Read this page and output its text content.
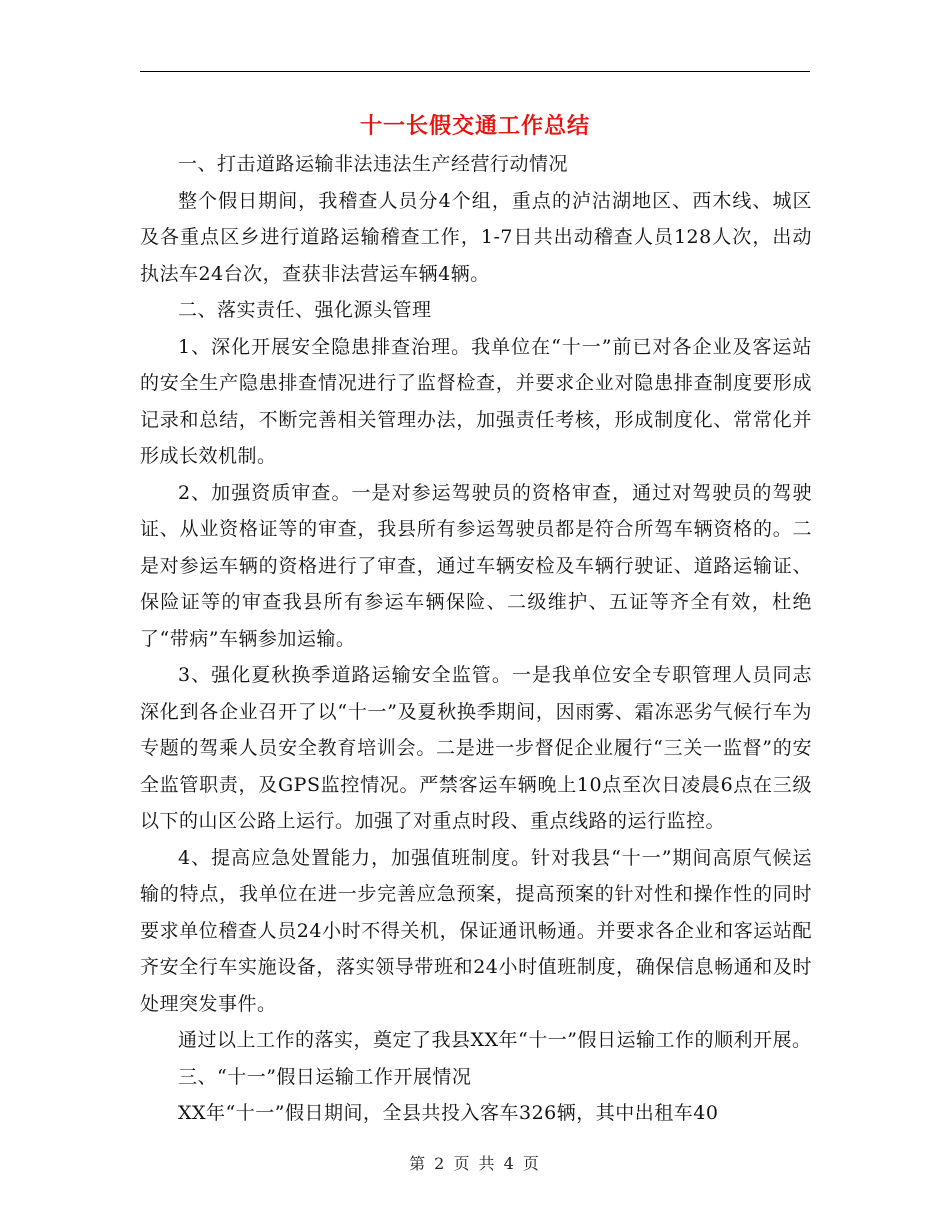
十一长假交通工作总结

一、打击道路运输非法违法生产经营行动情况

整个假日期间，我稽查人员分4个组，重点的泸沽湖地区、西木线、城区及各重点区乡进行道路运输稽查工作，1-7日共出动稽查人员128人次，出动执法车24台次，查获非法营运车辆4辆。

二、落实责任、强化源头管理

1、深化开展安全隐患排查治理。我单位在“十一”前已对各企业及客运站的安全生产隐患排查情况进行了监督检查，并要求企业对隐患排查制度要形成记录和总结，不断完善相关管理办法，加强责任考核，形成制度化、常常化并形成长效机制。

2、加强资质审查。一是对参运驾驶员的资格审查，通过对驾驶员的驾驶证、从业资格证等的审查，我县所有参运驾驶员都是符合所驾车辆资格的。二是对参运车辆的资格进行了审查，通过车辆安检及车辆行驶证、道路运输证、保险证等的审查我县所有参运车辆保险、二级维护、五证等齐全有效，杜绝了“带病”车辆参加运输。

3、强化夏秋换季道路运输安全监管。一是我单位安全专职管理人员同志深化到各企业召开了以“十一”及夏秋换季期间，因雨雾、霜冻恶劣气候行车为专题的驾乘人员安全教育培训会。二是进一步督促企业履行“三关一监督”的安全监管职责，及GPS监控情况。严禁客运车辆晚上10点至次日凌晨6点在三级以下的山区公路上运行。加强了对重点时段、重点线路的运行监控。

4、提高应急处置能力，加强值班制度。针对我县“十一”期间高原气候运输的特点，我单位在进一步完善应急预案，提高预案的针对性和操作性的同时要求单位稽查人员24小时不得关机，保证通讯畅通。并要求各企业和客运站配齐安全行车实施设备，落实领导带班和24小时值班制度，确保信息畅通和及时处理突发事件。

通过以上工作的落实，奠定了我县XX年“十一”假日运输工作的顺利开展。

三、“十一”假日运输工作开展情况

XX年“十一”假日期间，全县共投入客车326辆，其中出租车40

第 2 页 共 4 页
